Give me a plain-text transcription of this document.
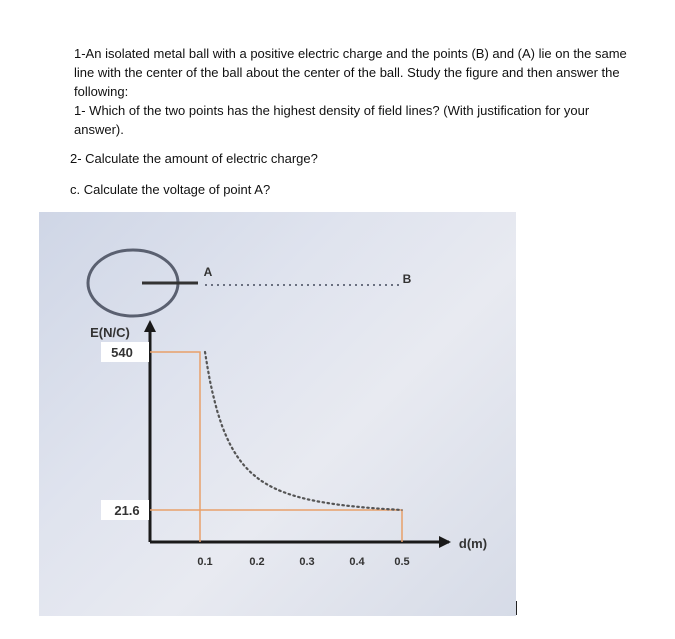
1-An isolated metal ball with a positive electric charge and the points (B) and (A) lie on the same

line with the center of the ball about the center of the ball. Study the figure and then answer the

following:

1- Which of the two points has the highest density of field lines? (With justification for your

answer).

2- Calculate the amount of electric charge?
c. Calculate the voltage of point A?
A	B
E(N/C)
d(m)
540
21.6
0.1	0.2	0.3	0.4	0.5
